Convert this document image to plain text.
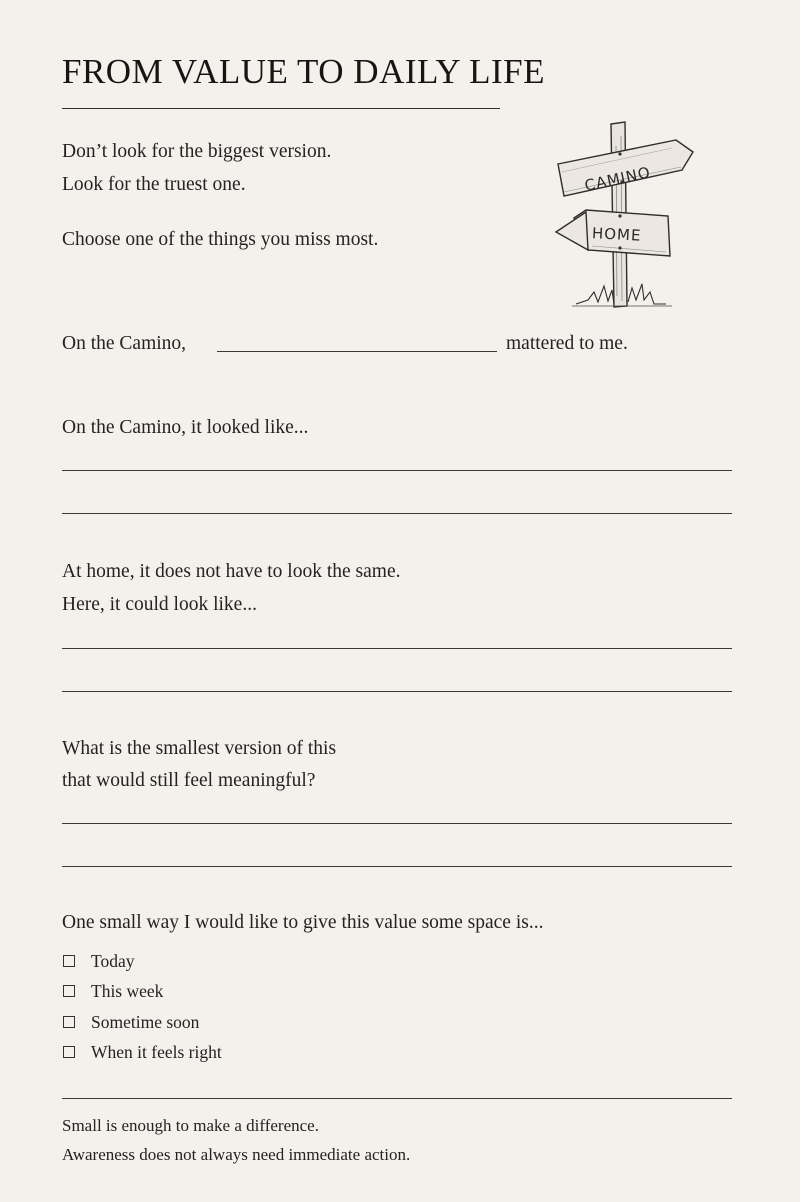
FROM VALUE TO DAILY LIFE
Don’t look for the biggest version.
Look for the truest one.
Choose one of the things you miss most.
CAMINO
HOME
On the Camino,	mattered to me.
On the Camino, it looked like...
At home, it does not have to look the same.
Here, it could look like...
What is the smallest version of this
that would still feel meaningful?
One small way I would like to give this value some space is...
Today
This week
Sometime soon
When it feels right
Small is enough to make a difference.
Awareness does not always need immediate action.
